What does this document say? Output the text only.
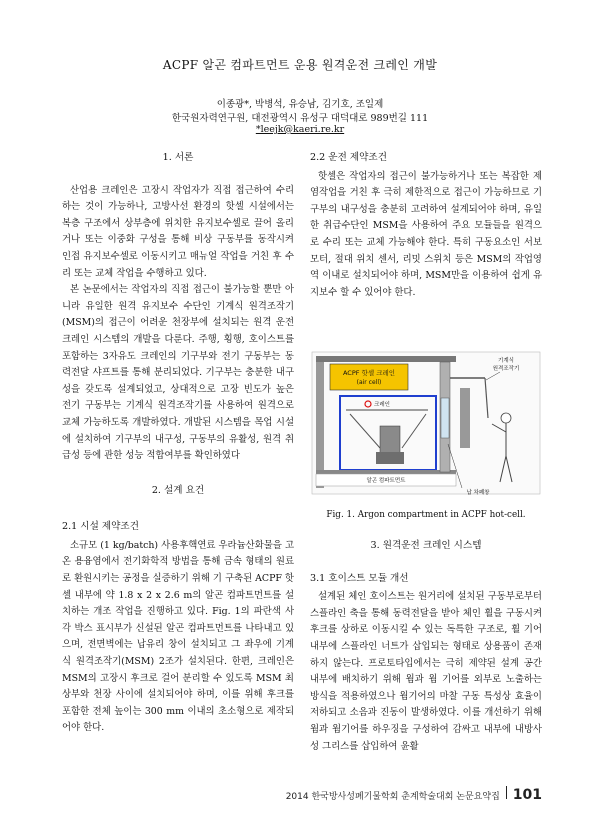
ACPF 알곤 컴파트먼트 운용 원격운전 크레인 개발
이종광*, 박병석, 유승남, 김기호, 조일제
한국원자력연구원, 대전광역시 유성구 대덕대로 989번길 111
*leejk@kaeri.re.kr
1. 서론

산업용 크레인은 고장시 작업자가 직접 접근하여 수리하는 것이 가능하나, 고방사선 환경의 핫셀 시설에서는 복층 구조에서 상부층에 위치한 유지보수셀로 끌어 올리거나 또는 이중화 구성을 통해 비상 구동부를 동작시켜 인접 유지보수셀로 이동시키고 매뉴얼 작업을 거친 후 수리 또는 교체 작업을 수행하고 있다.

본 논문에서는 작업자의 직접 접근이 불가능할 뿐만 아니라 유일한 원격 유지보수 수단인 기계식 원격조작기(MSM)의 접근이 어려운 천장부에 설치되는 원격 운전 크레인 시스템의 개발을 다룬다. 주행, 횡행, 호이스트를 포함하는 3자유도 크레인의 기구부와 전기 구동부는 동력전달 샤프트를 통해 분리되었다. 기구부는 충분한 내구성을 갖도록 설계되었고, 상대적으로 고장 빈도가 높은 전기 구동부는 기계식 원격조작기를 사용하여 원격으로 교체 가능하도록 개발하였다. 개발된 시스템을 목업 시설에 설치하여 기구부의 내구성, 구동부의 유활성, 원격 취급성 등에 관한 성능 적합여부를 확인하였다

2. 설계 요건
2.1 시설 제약조건

소규모 (1 kg/batch) 사용후핵연료 우라늄산화물을 고온 용융염에서 전기화학적 방법을 통해 금속 형태의 원료로 환원시키는 공정을 실증하기 위해 기 구축된 ACPF 핫셀 내부에 약 1.8 x 2 x 2.6 m의 알곤 컴파트먼트를 설치하는 개조 작업을 진행하고 있다. Fig. 1의 파란색 사각 박스 표시부가 신설된 알곤 컴파트먼트를 나타내고 있으며, 전면벽에는 납유리 창이 설치되고 그 좌우에 기계식 원격조작기(MSM) 2조가 설치된다. 한편, 크레인은 MSM의 고장시 후크로 걸어 분리할 수 있도록 MSM 최상부와 천장 사이에 설치되어야 하며, 이를 위해 후크를 포함한 전체 높이는 300 mm 이내의 초소형으로 제작되어야 한다.

2.2 운전 제약조건

핫셀은 작업자의 접근이 불가능하거나 또는 복잡한 제염작업을 거친 후 극히 제한적으로 접근이 가능하므로 기구부의 내구성을 충분히 고려하여 설계되어야 하며, 유일한 취급수단인 MSM을 사용하여 주요 모듈들을 원격으로 수리 또는 교체 가능해야 한다. 특히 구동요소인 서보모터, 절대 위치 센서, 리밋 스위치 등은 MSM의 작업영역 이내로 설치되어야 하며, MSM만을 이용하여 쉽게 유지보수 할 수 있어야 한다.

ACPF 핫셀 크레인
(air cell)
크레인
알곤 컴파트먼트
기계식
원격조작기
납 차폐창
Fig. 1. Argon compartment in ACPF hot-cell.
3. 원격운전 크레인 시스템
3.1 호이스트 모듈 개선

설계된 체인 호이스트는 원거리에 설치된 구동부로부터 스플라인 축을 통해 동력전달을 받아 체인 휠을 구동시켜 후크를 상하로 이동시킬 수 있는 독특한 구조로, 휠 기어 내부에 스플라인 너트가 삽입되는 형태로 상용품이 존재하지 않는다. 프로토타입에서는 극히 제약된 설계 공간 내부에 배치하기 위해 웜과 웜 기어를 외부로 노출하는 방식을 적용하였으나 웜기어의 마찰 구동 특성상 효율이 저하되고 소음과 진동이 발생하였다. 이를 개선하기 위해 웜과 웜기어를 하우징을 구성하여 감싸고 내부에 내방사성 그리스를 삽입하여 윤활

2014 한국방사성폐기물학회 춘계학술대회 논문요약집 101
